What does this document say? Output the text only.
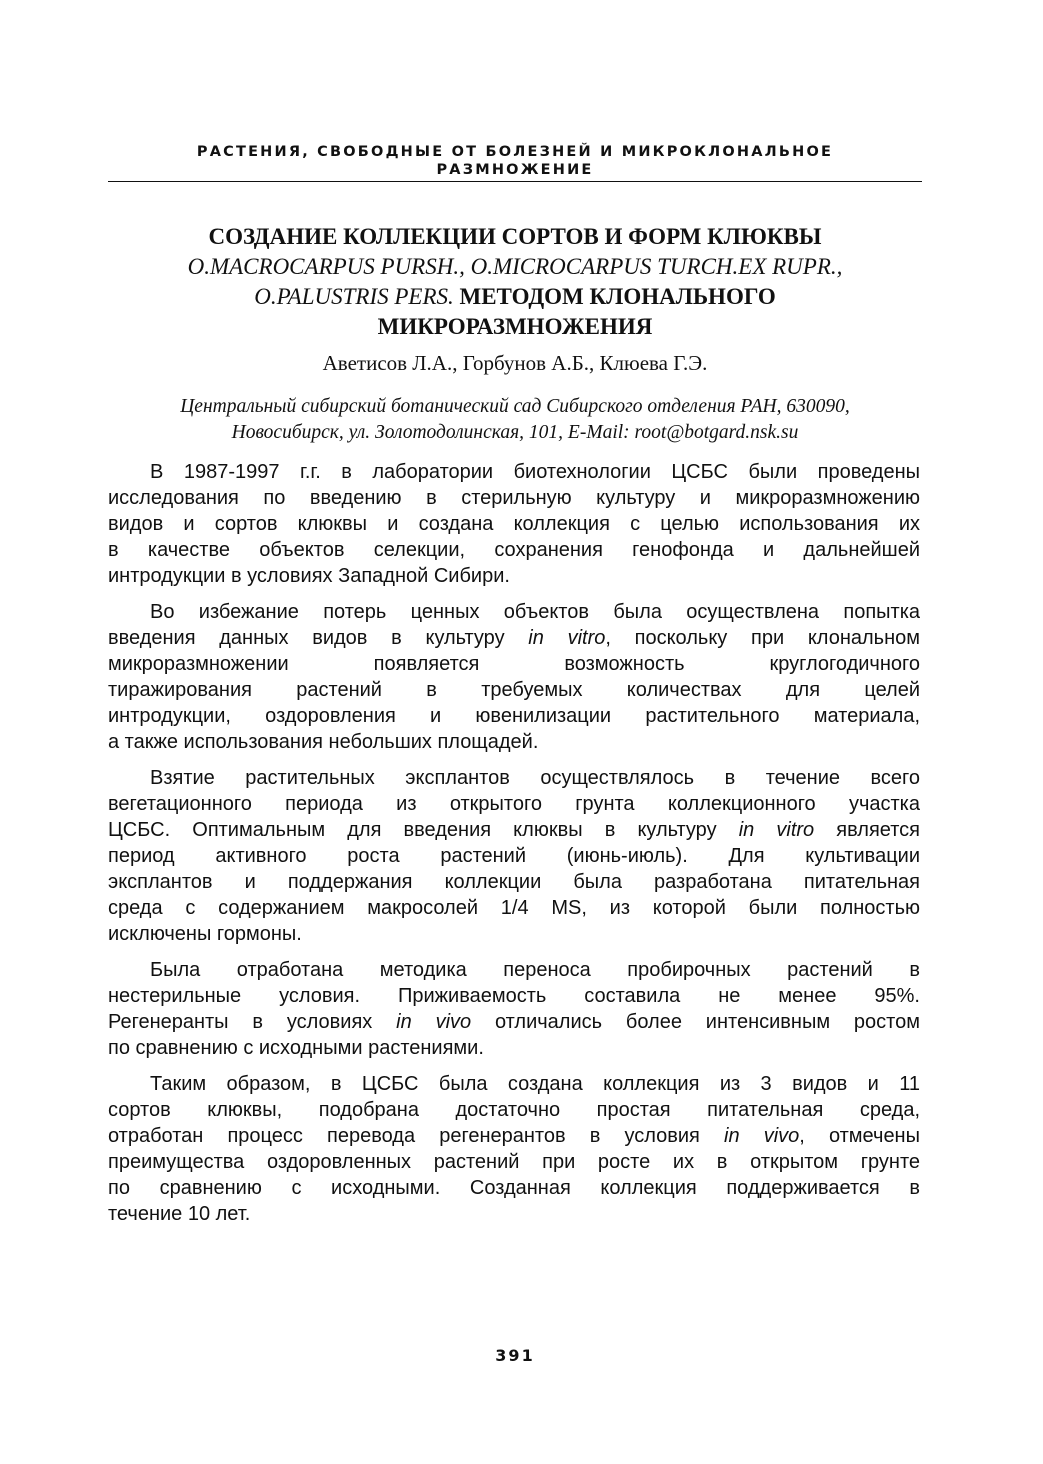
РАСТЕНИЯ, СВОБОДНЫЕ ОТ БОЛЕЗНЕЙ И МИКРОКЛОНАЛЬНОЕ
РАЗМНОЖЕНИЕ
СОЗДАНИЕ КОЛЛЕКЦИИ СОРТОВ И ФОРМ КЛЮКВЫ
O.MACROCARPUS PURSH., O.MICROCARPUS TURCH.EX RUPR.,
O.PALUSTRIS PERS. МЕТОДОМ КЛОНАЛЬНОГО
МИКРОРАЗМНОЖЕНИЯ
Аветисов Л.А., Горбунов А.Б., Клюева Г.Э.
Центральный сибирский ботанический сад Сибирского отделения РАН, 630090,
Новосибирск, ул. Золотодолинская, 101, E-Mail: root@botgard.nsk.su
В 1987-1997 г.г. в лаборатории биотехнологии ЦСБС были проведены
исследования по введению в стерильную культуру и микроразмножению
видов и сортов клюквы и создана коллекция с целью использования их
в качестве объектов селекции, сохранения генофонда и дальнейшей
интродукции в условиях Западной Сибири.
Во избежание потерь ценных объектов была осуществлена попытка
введения данных видов в культуру in vitro, поскольку при клональном
микроразмножении появляется возможность круглогодичного
тиражирования растений в требуемых количествах для целей
интродукции, оздоровления и ювенилизации растительного материала,
а также использования небольших площадей.
Взятие растительных эксплантов осуществлялось в течение всего
вегетационного периода из открытого грунта коллекционного участка
ЦСБС. Оптимальным для введения клюквы в культуру in vitro является
период активного роста растений (июнь-июль). Для культивации
эксплантов и поддержания коллекции была разработана питательная
среда с содержанием макросолей 1/4 MS, из которой были полностью
исключены гормоны.
Была отработана методика переноса пробирочных растений в
нестерильные условия. Приживаемость составила не менее 95%.
Регенеранты в условиях in vivo отличались более интенсивным ростом
по сравнению с исходными растениями.
Таким образом, в ЦСБС была создана коллекция из 3 видов и 11
сортов клюквы, подобрана достаточно простая питательная среда,
отработан процесс перевода регенерантов в условия in vivo, отмечены
преимущества оздоровленных растений при росте их в открытом грунте
по сравнению с исходными. Созданная коллекция поддерживается в
течение 10 лет.
391
